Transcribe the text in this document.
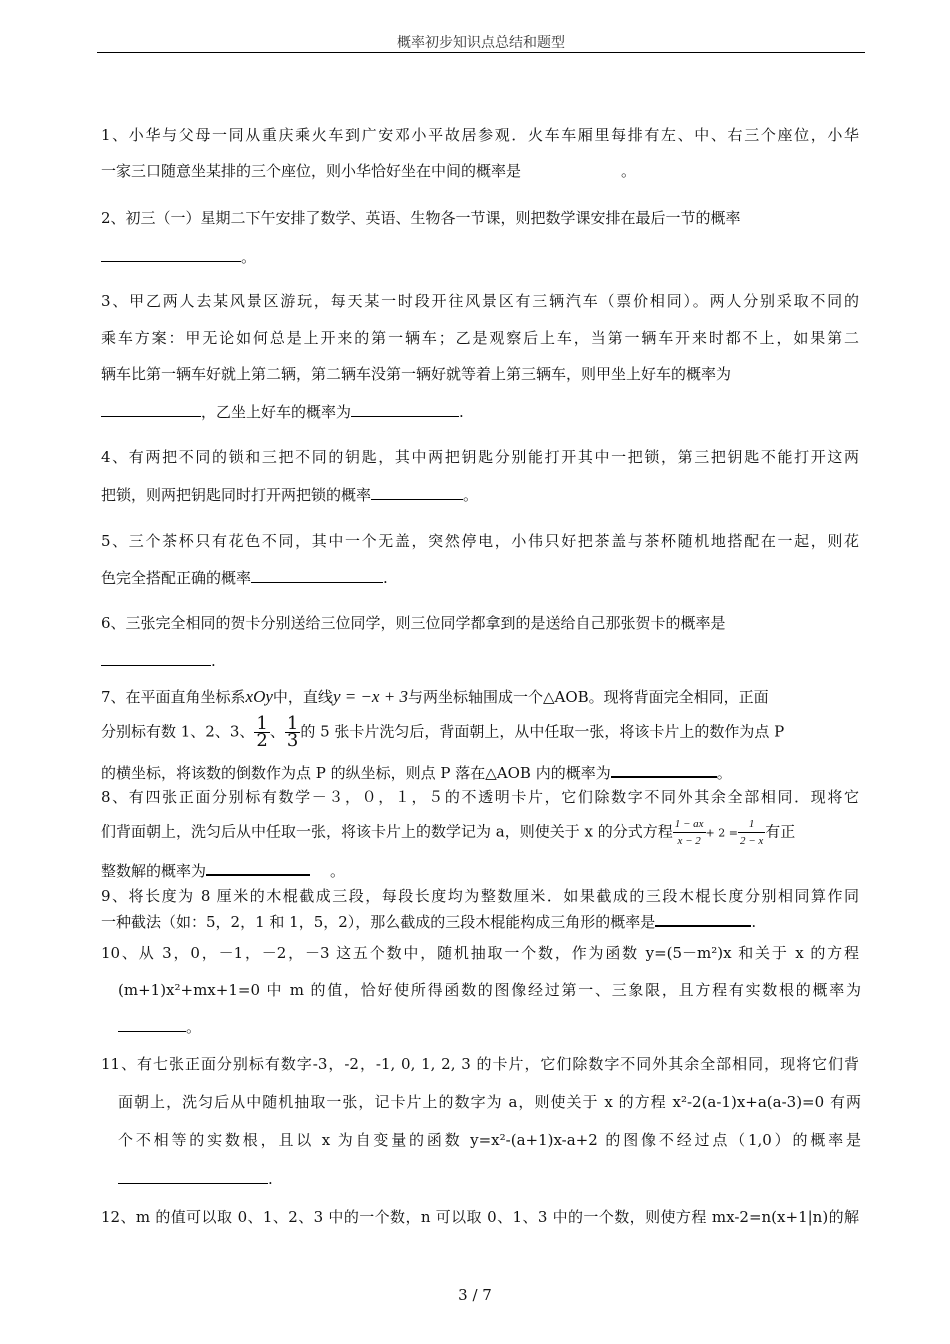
概率初步知识点总结和题型
1、小华与父母一同从重庆乘火车到广安邓小平故居参观．火车车厢里每排有左、中、右三个座位，小华
一家三口随意坐某排的三个座位，则小华恰好坐在中间的概率是	。
2、初三（一）星期二下午安排了数学、英语、生物各一节课，则把数学课安排在最后一节的概率
。
3、甲乙两人去某风景区游玩，每天某一时段开往风景区有三辆汽车（票价相同）。两人分别采取不同的
乘车方案：甲无论如何总是上开来的第一辆车；乙是观察后上车，当第一辆车开来时都不上，如果第二
辆车比第一辆车好就上第二辆，第二辆车没第一辆好就等着上第三辆车，则甲坐上好车的概率为
，乙坐上好车的概率为	.
4、有两把不同的锁和三把不同的钥匙，其中两把钥匙分别能打开其中一把锁，第三把钥匙不能打开这两
把锁，则两把钥匙同时打开两把锁的概率	。
5、三个茶杯只有花色不同，其中一个无盖，突然停电，小伟只好把茶盖与茶杯随机地搭配在一起，则花
色完全搭配正确的概率	.
6、三张完全相同的贺卡分别送给三位同学，则三位同学都拿到的是送给自己那张贺卡的概率是
.
7、在平面直角坐标系xOy中，直线y = −x + 3与两坐标轴围成一个△AOB。现将背面完全相同，正面
分别标有数 1、2、3、 $\frac{1}{2}$ 、 $\frac{1}{3}$ 的 5 张卡片洗匀后，背面朝上，从中任取一张，将该卡片上的数作为点 P
的横坐标，将该数的倒数作为点 P 的纵坐标，则点 P 落在△AOB 内的概率为	。
8、有四张正面分别标有数学－３，０，１，５的不透明卡片，它们除数字不同外其余全部相同．现将它
们背面朝上，洗匀后从中任取一张，将该卡片上的数学记为 a，则使关于 x 的分式方程 $\frac{1 - ax}{x - 2} + 2 = \frac{1}{2 - x}$ 有正
整数解的概率为	。
9、将长度为 8 厘米的木棍截成三段，每段长度均为整数厘米．如果截成的三段木棍长度分别相同算作同
一种截法（如：5，2，1 和 1，5，2），那么截成的三段木棍能构成三角形的概率是	.
10、从 3，0，－1，－2，－3 这五个数中，随机抽取一个数，作为函数 y=(5－m²)x 和关于 x 的方程
(m+1)x²+mx+1=0 中 m 的值，恰好使所得函数的图像经过第一、三象限，且方程有实数根的概率为
。
11、有七张正面分别标有数字-3，-2，-1, 0, 1, 2, 3 的卡片，它们除数字不同外其余全部相同，现将它们背
面朝上，洗匀后从中随机抽取一张，记卡片上的数字为 a，则使关于 x 的方程 x²-2(a-1)x+a(a-3)=0 有两
个不相等的实数根，且以 x 为自变量的函数 y=x²-(a+1)x-a+2 的图像不经过点（1,0）的概率是
.
12、m 的值可以取 0、1、2、3 中的一个数，n 可以取 0、1、3 中的一个数，则使方程 mx-2=n(x+1|n)的解
3 / 7
